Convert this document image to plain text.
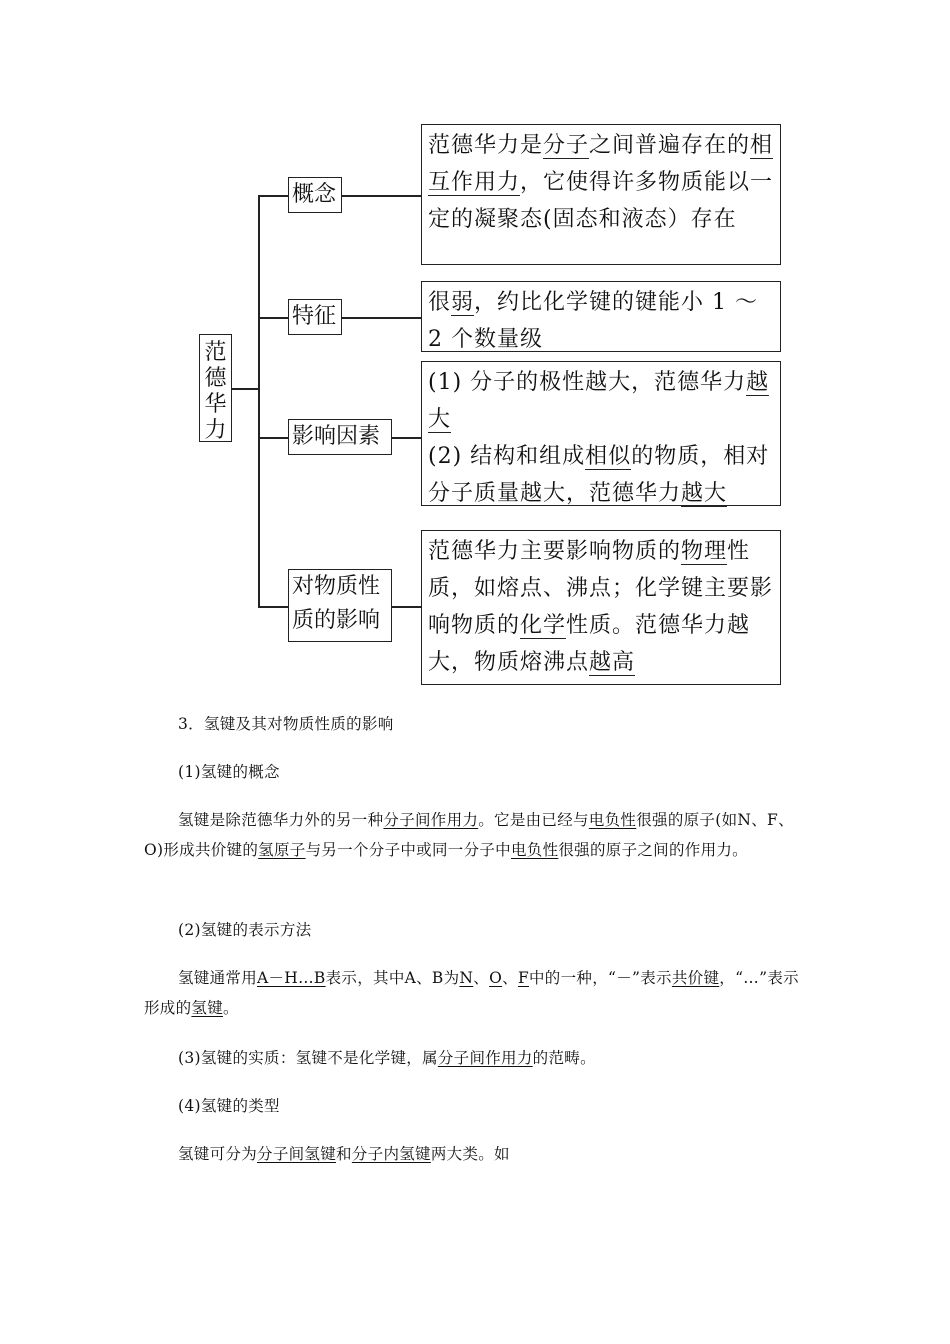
范德华力
概念
范德华力是分子之间普遍存在的相互作用力，它使得许多物质能以一定的凝聚态(固态和液态）存在
特征
很弱，约比化学键的键能小 1 ～ 2 个数量级
影响因素
(1) 分子的极性越大，范德华力越大
(2) 结构和组成相似的物质，相对分子质量越大，范德华力越大
对物质性
质的影响
范德华力主要影响物质的物理性质，如熔点、沸点；化学键主要影响物质的化学性质。范德华力越大，物质熔沸点越高
3．氢键及其对物质性质的影响
(1)氢键的概念
氢键是除范德华力外的另一种分子间作用力。它是由已经与电负性很强的原子(如N、F、O)形成共价键的氢原子与另一个分子中或同一分子中电负性很强的原子之间的作用力。
(2)氢键的表示方法
氢键通常用A－H…B表示，其中A、B为N、O、F中的一种，“－”表示共价键，“…”表示形成的氢键。
(3)氢键的实质：氢键不是化学键，属分子间作用力的范畴。
(4)氢键的类型
氢键可分为分子间氢键和分子内氢键两大类。如
